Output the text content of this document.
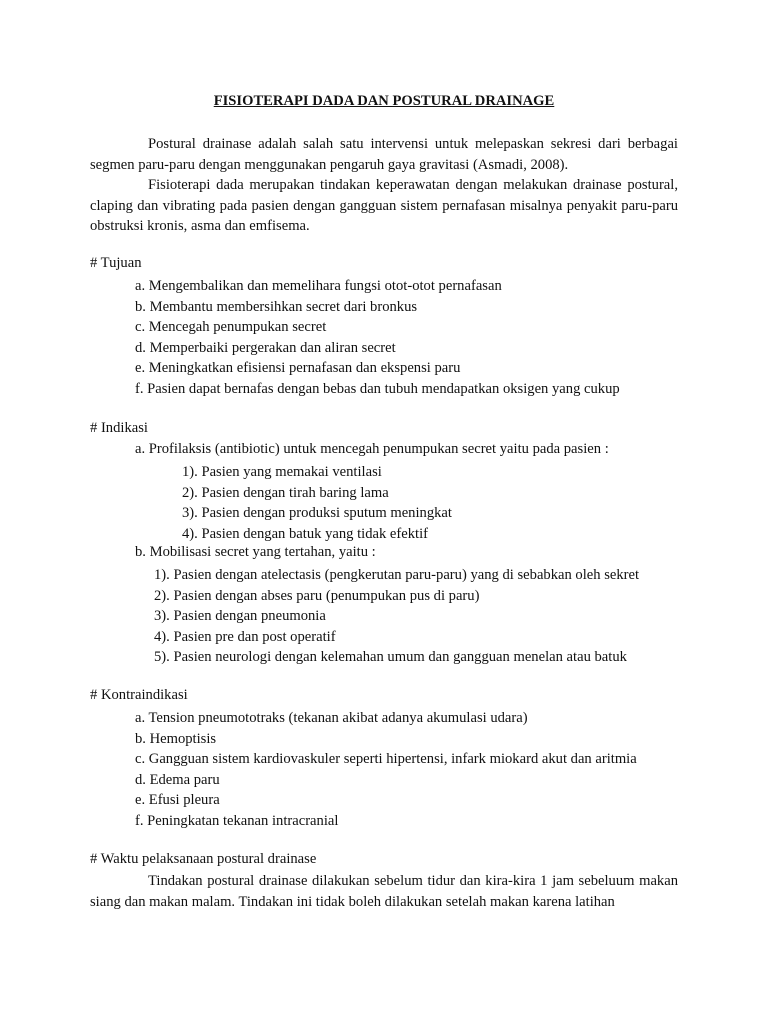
FISIOTERAPI DADA DAN POSTURAL DRAINAGE

Postural drainase adalah salah satu intervensi untuk melepaskan sekresi dari berbagai segmen paru-paru dengan menggunakan pengaruh gaya gravitasi (Asmadi, 2008).

Fisioterapi dada merupakan tindakan keperawatan dengan melakukan drainase postural, claping dan vibrating pada pasien dengan gangguan sistem pernafasan misalnya penyakit paru-paru obstruksi kronis, asma dan emfisema.

# Tujuan
a. Mengembalikan dan memelihara fungsi otot-otot pernafasan
b. Membantu membersihkan secret dari bronkus
c. Mencegah penumpukan secret
d. Memperbaiki pergerakan dan aliran secret
e. Meningkatkan efisiensi pernafasan dan ekspensi paru
f. Pasien dapat bernafas dengan bebas dan tubuh mendapatkan oksigen yang cukup
# Indikasi
a. Profilaksis (antibiotic) untuk mencegah penumpukan secret yaitu pada pasien :
1). Pasien yang memakai ventilasi
2). Pasien dengan tirah baring lama
3). Pasien dengan produksi sputum meningkat
4). Pasien dengan batuk yang tidak efektif
b. Mobilisasi secret yang tertahan, yaitu :
1). Pasien dengan atelectasis (pengkerutan paru-paru) yang di sebabkan oleh sekret
2). Pasien dengan abses paru (penumpukan pus di paru)
3). Pasien dengan pneumonia
4). Pasien pre dan post operatif
5). Pasien neurologi dengan kelemahan umum dan gangguan menelan atau batuk
# Kontraindikasi
a. Tension pneumototraks (tekanan akibat adanya akumulasi udara)
b. Hemoptisis
c. Gangguan sistem kardiovaskuler seperti hipertensi, infark miokard akut dan aritmia
d. Edema paru
e. Efusi pleura
f. Peningkatan tekanan intracranial
# Waktu pelaksanaan postural drainase

Tindakan postural drainase dilakukan sebelum tidur dan kira-kira 1 jam sebeluum makan siang dan makan malam. Tindakan ini tidak boleh dilakukan setelah makan karena latihan
